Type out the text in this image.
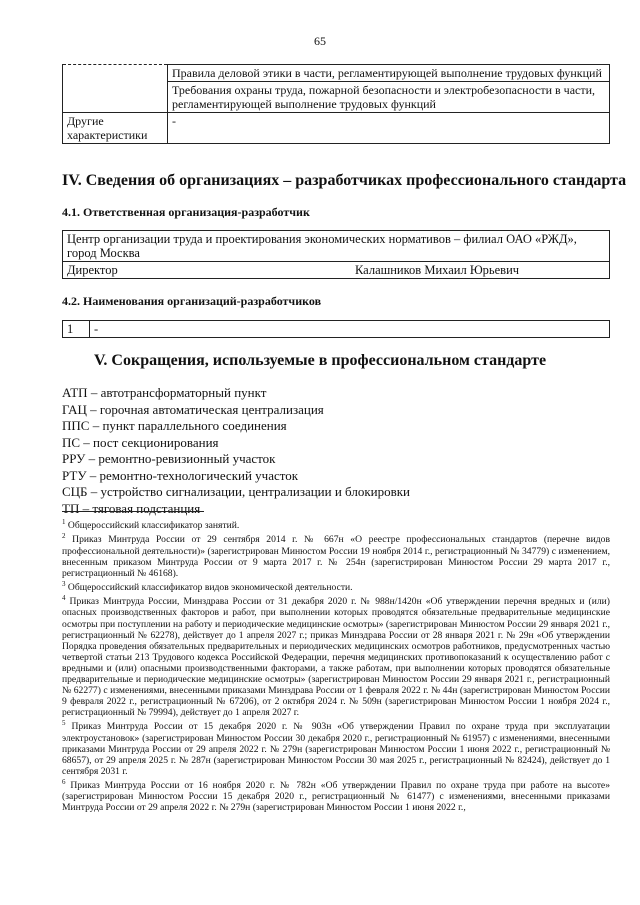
65
	Правила деловой этики в части, регламентирующей выполнение трудовых функций
	Требования охраны труда, пожарной безопасности и электробезопасности в части, регламентирующей выполнение трудовых функций
Другие характеристики	-
IV. Сведения об организациях – разработчиках профессионального стандарта
4.1. Ответственная организация-разработчик
Центр организации труда и проектирования экономических нормативов – филиал ОАО «РЖД», город Москва
Директор	Калашников Михаил Юрьевич
4.2. Наименования организаций-разработчиков
1	-
V. Сокращения, используемые в профессиональном стандарте
АТП – автотрансформаторный пункт
ГАЦ – горочная автоматическая централизация
ППС – пункт параллельного соединения
ПС – пост секционирования
РРУ – ремонтно-ревизионный участок
РТУ – ремонтно-технологический участок
СЦБ – устройство сигнализации, централизации и блокировки
ТП – тяговая подстанция

$^1$ Общероссийский классификатор занятий.

$^2$ Приказ Минтруда России от 29 сентября 2014 г. № 667н «О реестре профессиональных стандартов (перечне видов профессиональной деятельности)» (зарегистрирован Минюстом России 19 ноября 2014 г., регистрационный № 34779) с изменением, внесенным приказом Минтруда России от 9 марта 2017 г. № 254н (зарегистрирован Минюстом России 29 марта 2017 г., регистрационный № 46168).

$^3$ Общероссийский классификатор видов экономической деятельности.

$^4$ Приказ Минтруда России, Минздрава России от 31 декабря 2020 г. № 988н/1420н «Об утверждении перечня вредных и (или) опасных производственных факторов и работ, при выполнении которых проводятся обязательные предварительные медицинские осмотры при поступлении на работу и периодические медицинские осмотры» (зарегистрирован Минюстом России 29 января 2021 г., регистрационный № 62278), действует до 1 апреля 2027 г.; приказ Минздрава России от 28 января 2021 г. № 29н «Об утверждении Порядка проведения обязательных предварительных и периодических медицинских осмотров работников, предусмотренных частью четвертой статьи 213 Трудового кодекса Российской Федерации, перечня медицинских противопоказаний к осуществлению работ с вредными и (или) опасными производственными факторами, а также работам, при выполнении которых проводятся обязательные предварительные и периодические медицинские осмотры» (зарегистрирован Минюстом России 29 января 2021 г., регистрационный № 62277) с изменениями, внесенными приказами Минздрава России от 1 февраля 2022 г. № 44н (зарегистрирован Минюстом России 9 февраля 2022 г., регистрационный № 67206), от 2 октября 2024 г. № 509н (зарегистрирован Минюстом России 1 ноября 2024 г., регистрационный № 79994), действует до 1 апреля 2027 г.

$^5$ Приказ Минтруда России от 15 декабря 2020 г. № 903н «Об утверждении Правил по охране труда при эксплуатации электроустановок» (зарегистрирован Минюстом России 30 декабря 2020 г., регистрационный № 61957) с изменениями, внесенными приказами Минтруда России от 29 апреля 2022 г. № 279н (зарегистрирован Минюстом России 1 июня 2022 г., регистрационный № 68657), от 29 апреля 2025 г. № 287н (зарегистрирован Минюстом России 30 мая 2025 г., регистрационный № 82424), действует до 1 сентября 2031 г.

$^6$ Приказ Минтруда России от 16 ноября 2020 г. № 782н «Об утверждении Правил по охране труда при работе на высоте» (зарегистрирован Минюстом России 15 декабря 2020 г., регистрационный № 61477) с изменениями, внесенными приказами Минтруда России от 29 апреля 2022 г. № 279н (зарегистрирован Минюстом России 1 июня 2022 г.,
